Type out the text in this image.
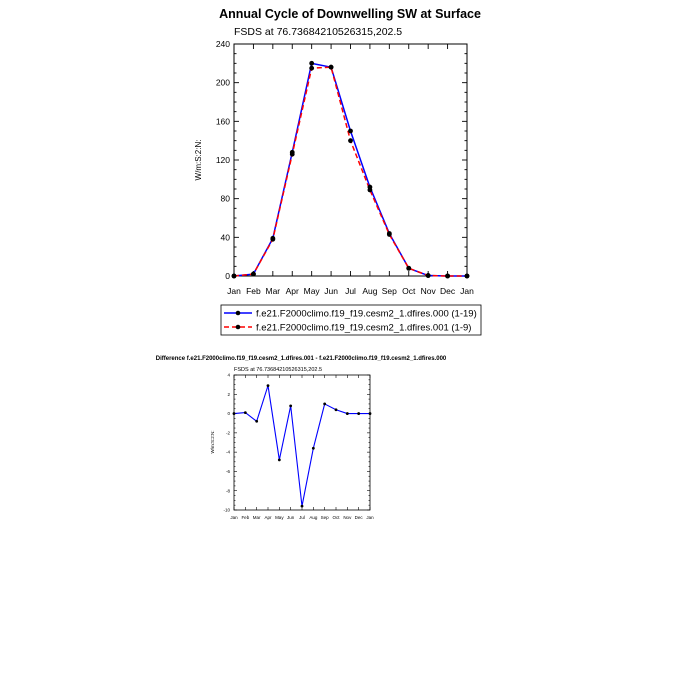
Annual Cycle of Downwelling SW at Surface
FSDS at 76.73684210526315,202.5
W/m:S:2:N:
0
40
80
120
160
200
240
Jan Feb Mar Apr May Jun Jul Aug Sep Oct Nov Dec Jan
f.e21.F2000climo.f19_f19.cesm2_1.dfires.000 (1-19)
f.e21.F2000climo.f19_f19.cesm2_1.dfires.001 (1-9)
Difference f.e21.F2000climo.f19_f19.cesm2_1.dfires.001 - f.e21.F2000climo.f19_f19.cesm2_1.dfires.000
FSDS at 76.73684210526315,202.5
W/m:S:2:N:
-10
-8
-6
-4
-2
0
2
4
Jan Feb Mar Apr May Jun Jul Aug Sep Oct Nov Dec Jan
